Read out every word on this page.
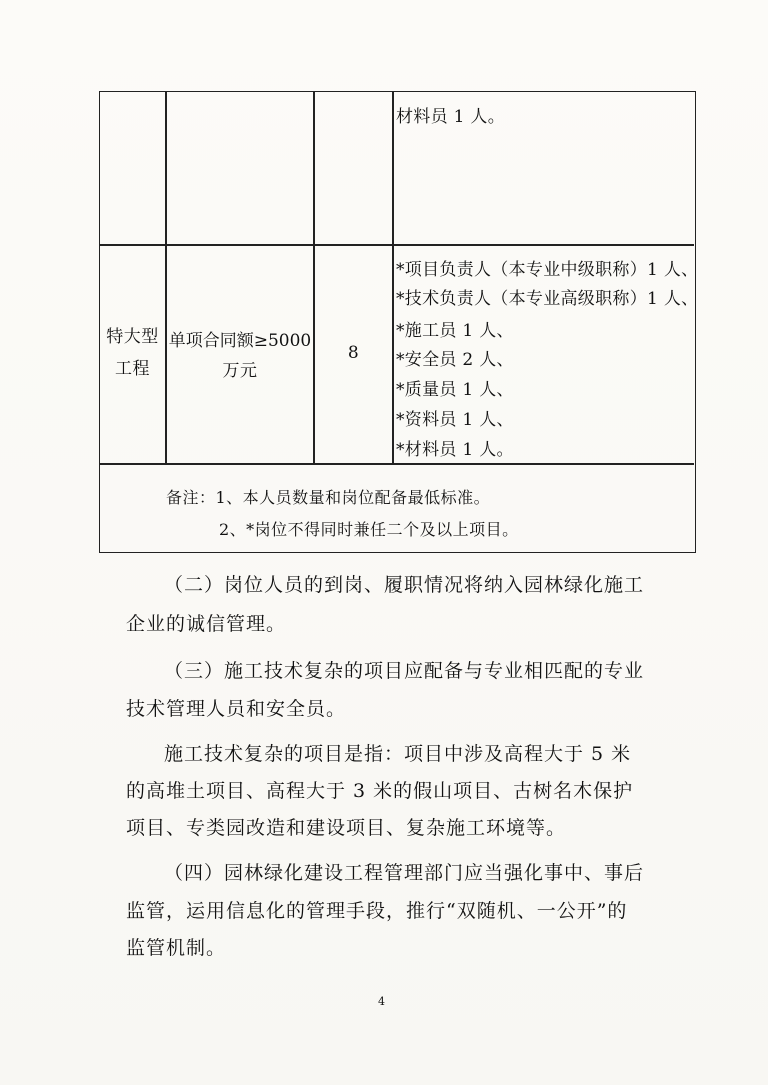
材料员 1 人。
特大型
工程
单项合同额≥5000
万元
8
*项目负责人（本专业中级职称）1 人、
*技术负责人（本专业高级职称）1 人、
*施工员 1 人、
*安全员 2 人、
*质量员 1 人、
*资料员 1 人、
*材料员 1 人。
备注：1、本人员数量和岗位配备最低标准。
2、*岗位不得同时兼任二个及以上项目。
（二）岗位人员的到岗、履职情况将纳入园林绿化施工
企业的诚信管理。
（三）施工技术复杂的项目应配备与专业相匹配的专业
技术管理人员和安全员。
施工技术复杂的项目是指：项目中涉及高程大于 5 米
的高堆土项目、高程大于 3 米的假山项目、古树名木保护
项目、专类园改造和建设项目、复杂施工环境等。
（四）园林绿化建设工程管理部门应当强化事中、事后
监管，运用信息化的管理手段，推行“双随机、一公开”的
监管机制。
4
